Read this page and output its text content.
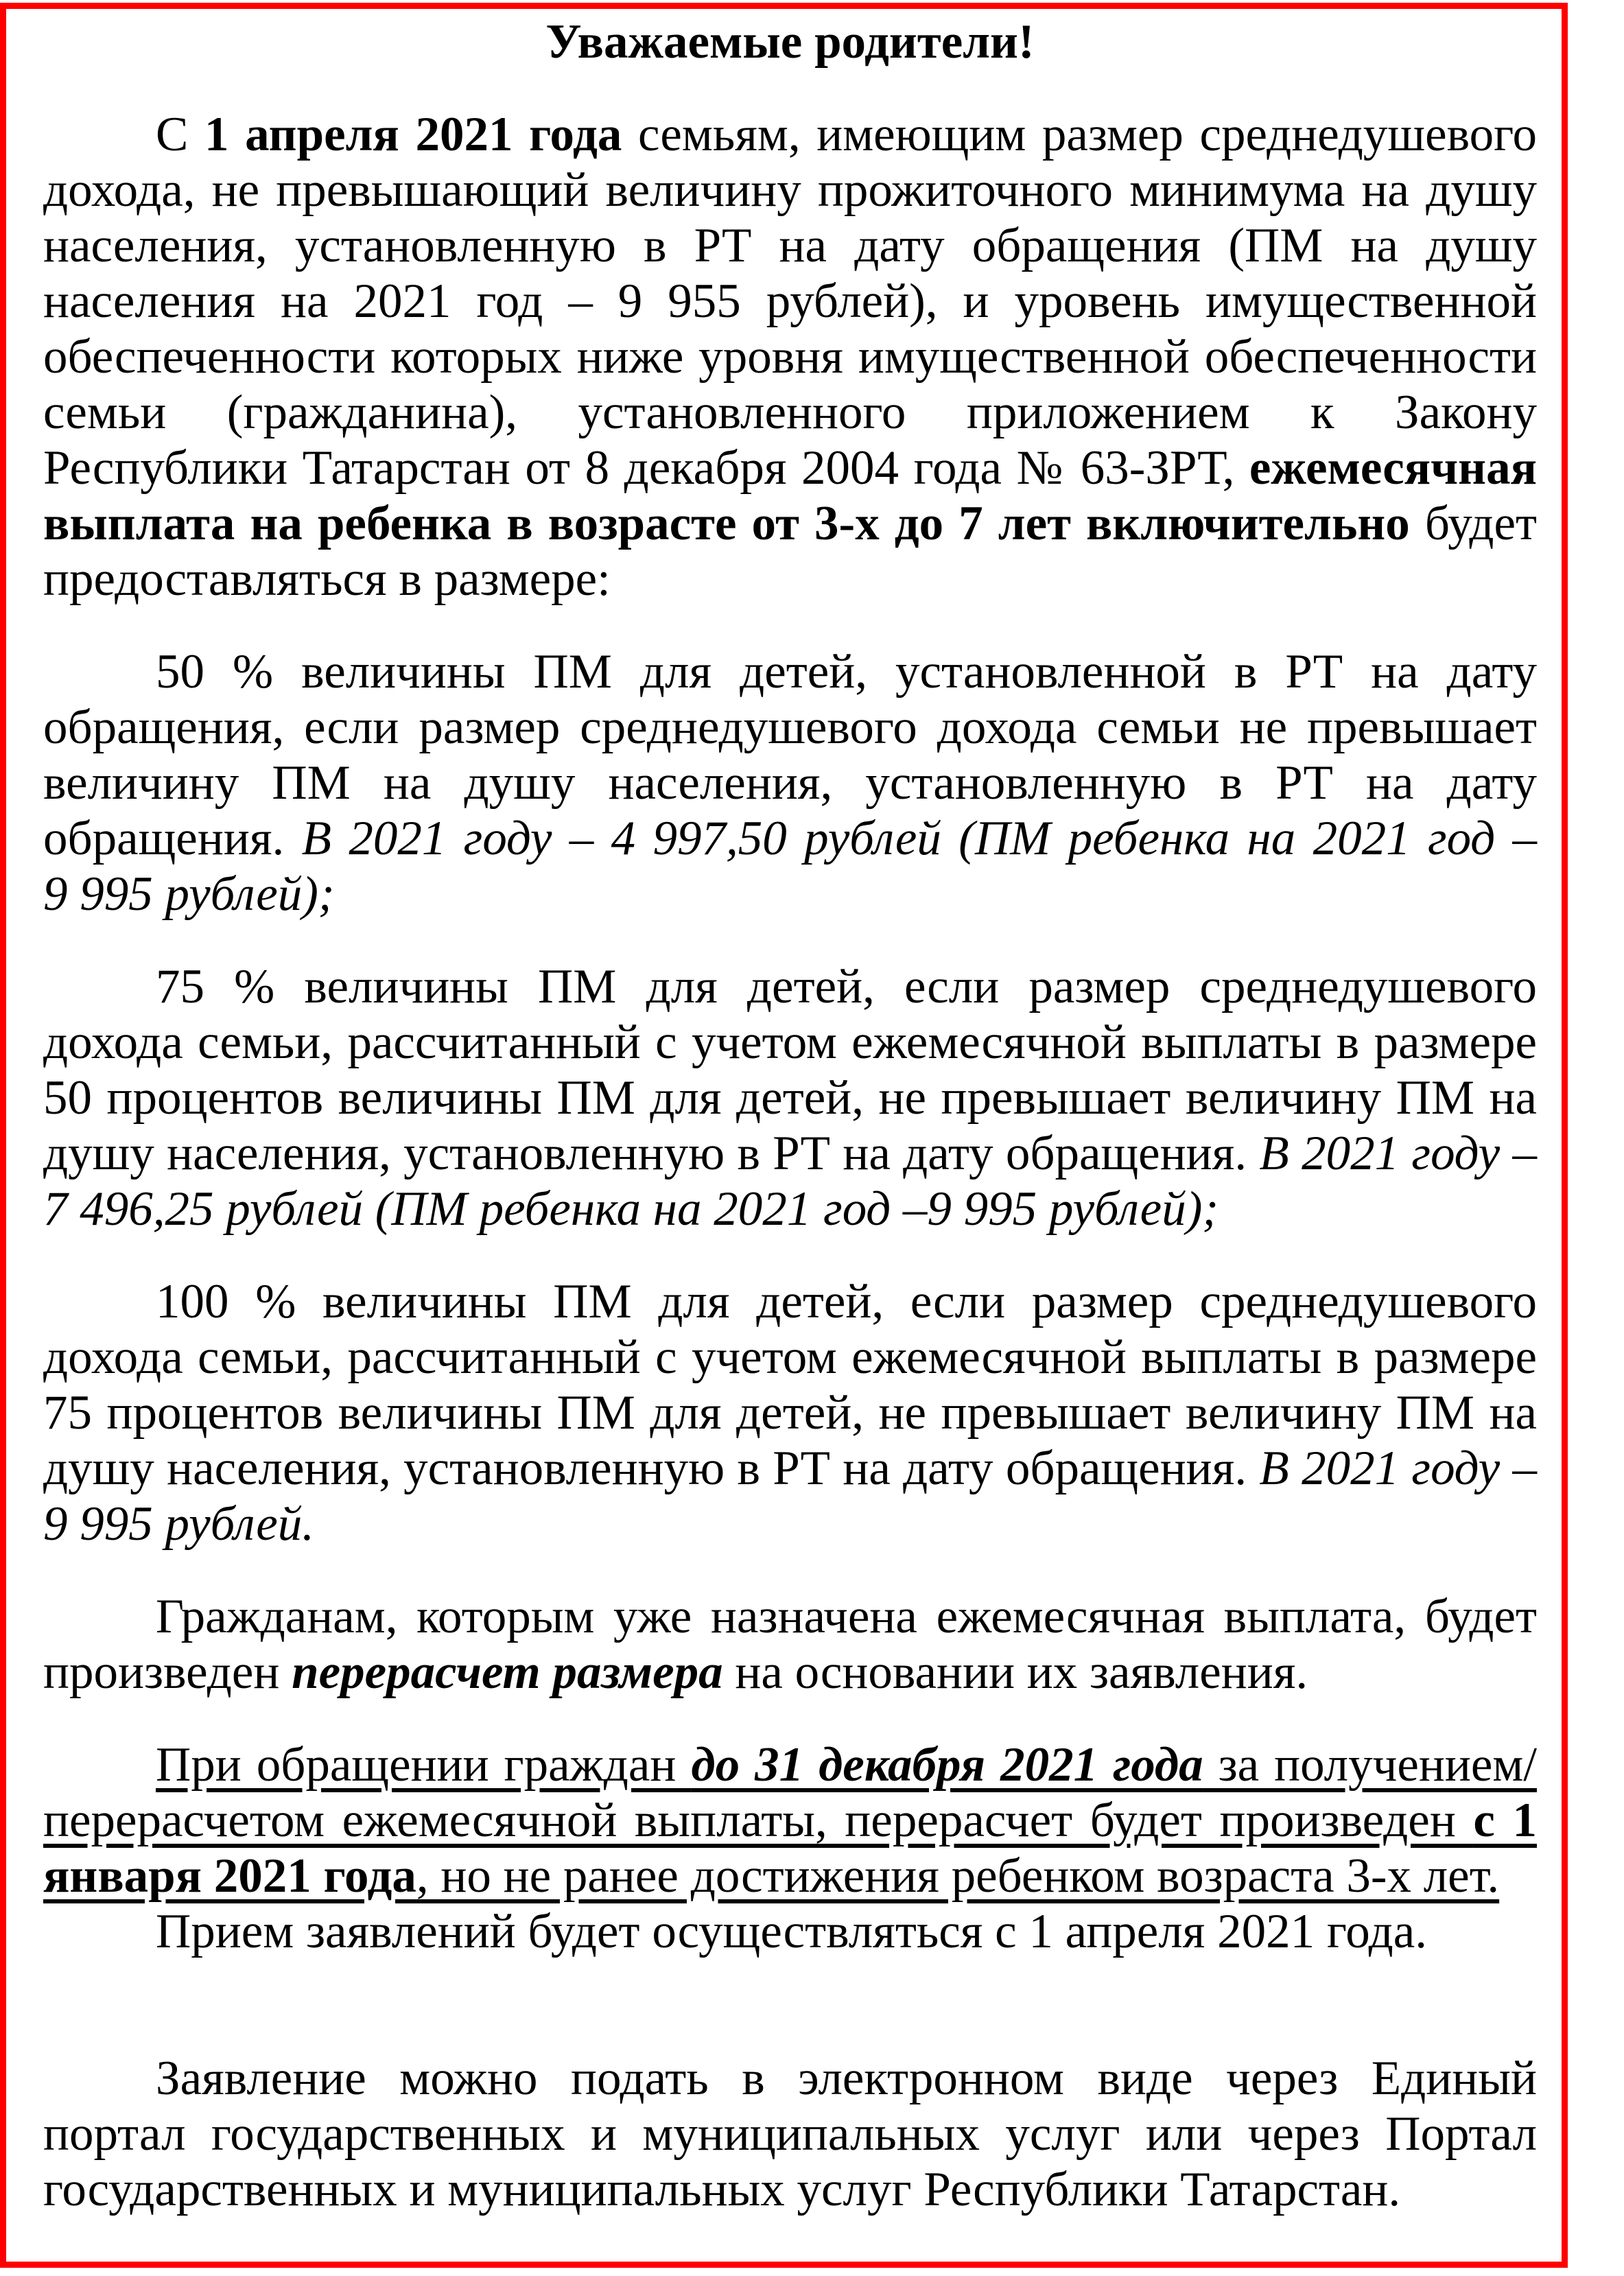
Уважаемые родители!

С 1 апреля 2021 года семьям, имеющим размер среднедушевого дохода, не превышающий величину прожиточного минимума на душу населения, установленную в РТ на дату обращения (ПМ на душу населения на 2021 год – 9 955 рублей), и уровень имущественной обеспеченности которых ниже уровня имущественной обеспеченности семьи (гражданина), установленного приложением к Закону Республики Татарстан от 8 декабря 2004 года № 63-ЗРТ, ежемесячная выплата на ребенка в возрасте от 3-х до 7 лет включительно будет предоставляться в размере:

50 % величины ПМ для детей, установленной в РТ на дату обращения, если размер среднедушевого дохода семьи не превышает величину ПМ на душу населения, установленную в РТ на дату обращения. В 2021 году – 4 997,50 рублей (ПМ ребенка на 2021 год – 9 995 рублей);

75 % величины ПМ для детей, если размер среднедушевого дохода семьи, рассчитанный с учетом ежемесячной выплаты в размере 50 процентов величины ПМ для детей, не превышает величину ПМ на душу населения, установленную в РТ на дату обращения. В 2021 году – 7 496,25 рублей (ПМ ребенка на 2021 год –9 995 рублей);

100 % величины ПМ для детей, если размер среднедушевого дохода семьи, рассчитанный с учетом ежемесячной выплаты в размере 75 процентов величины ПМ для детей, не превышает величину ПМ на душу населения, установленную в РТ на дату обращения. В 2021 году – 9 995 рублей.

Гражданам, которым уже назначена ежемесячная выплата, будет произведен перерасчет размера на основании их заявления.

При обращении граждан до 31 декабря 2021 года за получением/перерасчетом ежемесячной выплаты, перерасчет будет произведен с 1 января 2021 года, но не ранее достижения ребенком возраста 3-х лет.

Прием заявлений будет осуществляться с 1 апреля 2021 года.

Заявление можно подать в электронном виде через Единый портал государственных и муниципальных услуг или через Портал государственных и муниципальных услуг Республики Татарстан.
